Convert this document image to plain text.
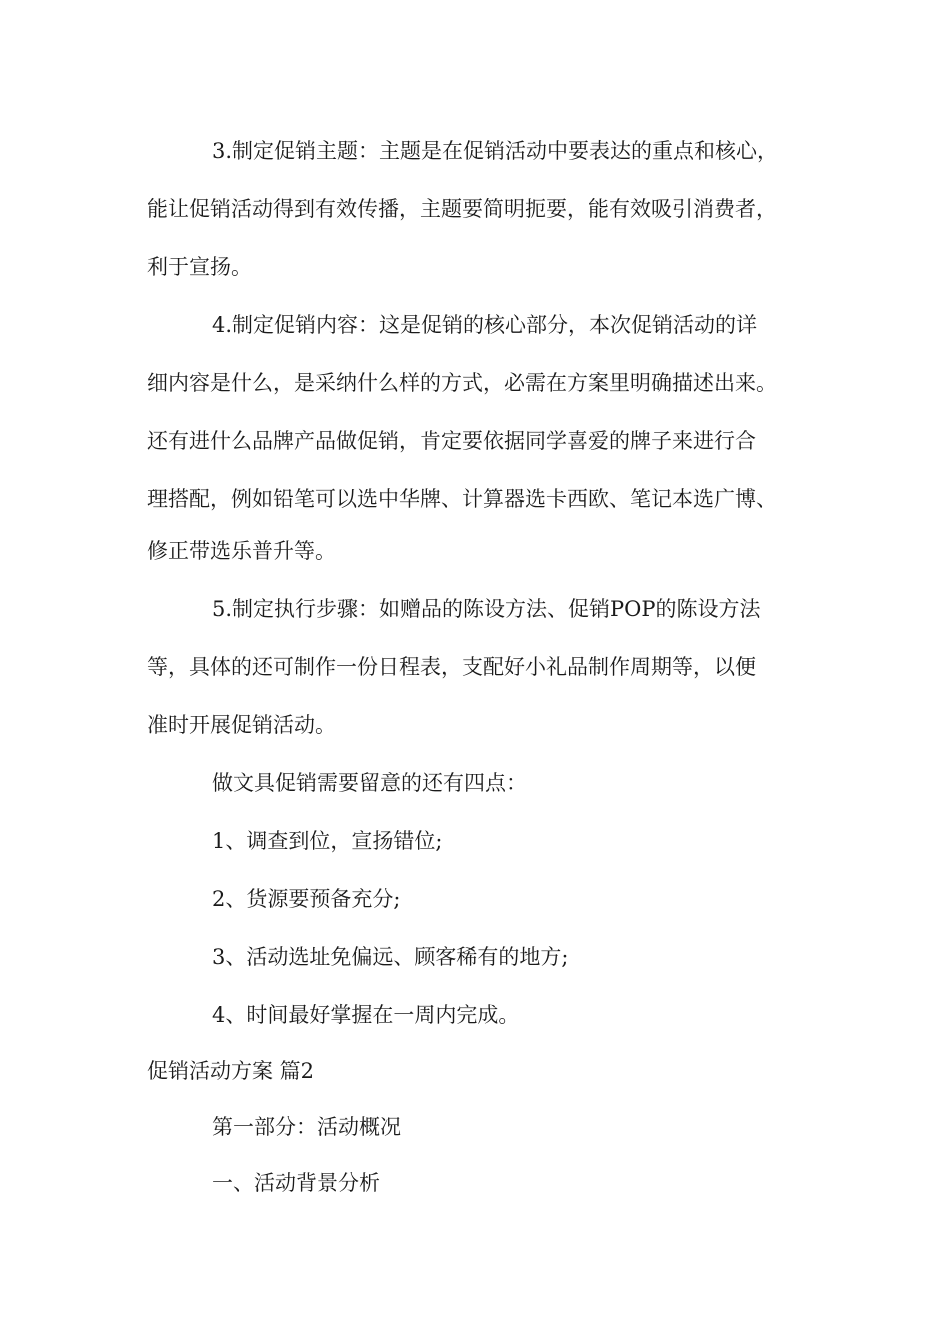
3.制定促销主题：主题是在促销活动中要表达的重点和核心，
能让促销活动得到有效传播，主题要简明扼要，能有效吸引消费者，
利于宣扬。
4.制定促销内容：这是促销的核心部分，本次促销活动的详
细内容是什么，是采纳什么样的方式，必需在方案里明确描述出来。
还有进什么品牌产品做促销，肯定要依据同学喜爱的牌子来进行合
理搭配，例如铅笔可以选中华牌、计算器选卡西欧、笔记本选广博、
修正带选乐普升等。
5.制定执行步骤：如赠品的陈设方法、促销POP的陈设方法
等，具体的还可制作一份日程表，支配好小礼品制作周期等，以便
准时开展促销活动。
做文具促销需要留意的还有四点：
1、调查到位，宣扬错位;
2、货源要预备充分;
3、活动选址免偏远、顾客稀有的地方;
4、时间最好掌握在一周内完成。
促销活动方案 篇2
第一部分：活动概况
一、活动背景分析
